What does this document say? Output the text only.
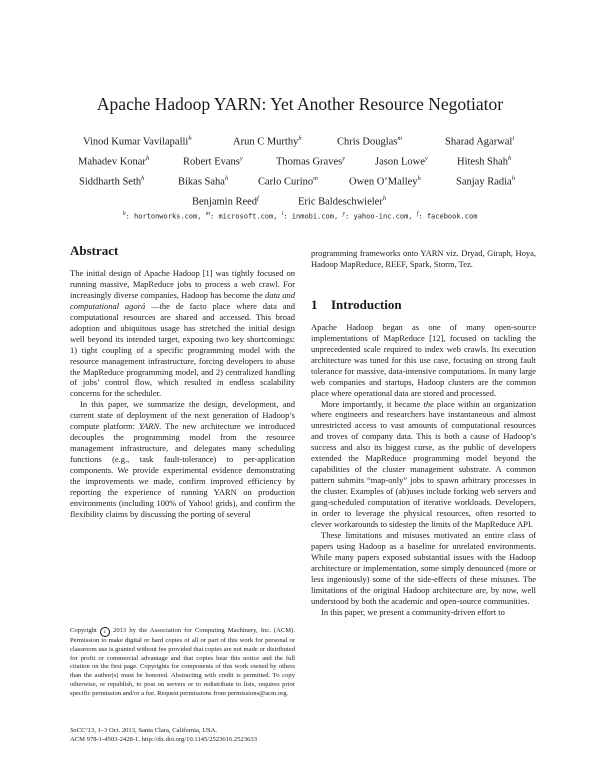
Apache Hadoop YARN: Yet Another Resource Negotiator
Vinod Kumar Vavilapalli$^h$	Arun C Murthy$^h$	Chris Douglas$^m$	Sharad Agarwal$^i$
Mahadev Konar$^h$	Robert Evans$^y$	Thomas Graves$^y$	Jason Lowe$^y$	Hitesh Shah$^h$
Siddharth Seth$^h$	Bikas Saha$^h$	Carlo Curino$^m$	Owen O’Malley$^h$	Sanjay Radia$^h$
Benjamin Reed$^f$	Eric Baldeschwieler$^h$
$^h$: hortonworks.com, $^m$: microsoft.com, $^i$: inmobi.com, $^y$: yahoo-inc.com, $^f$: facebook.com
Abstract

The initial design of Apache Hadoop [1] was tightly focused on running massive, MapReduce jobs to process a web crawl. For increasingly diverse companies, Hadoop has become the data and computational agorá —the de facto place where data and computational resources are shared and accessed. This broad adoption and ubiquitous usage has stretched the initial design well beyond its intended target, exposing two key shortcomings: 1) tight coupling of a specific programming model with the resource management infrastructure, forcing developers to abuse the MapReduce programming model, and 2) centralized handling of jobs’ control flow, which resulted in endless scalability concerns for the scheduler.

In this paper, we summarize the design, development, and current state of deployment of the next generation of Hadoop’s compute platform: YARN. The new architecture we introduced decouples the programming model from the resource management infrastructure, and delegates many scheduling functions (e.g., task fault-tolerance) to per-application components. We provide experimental evidence demonstrating the improvements we made, confirm improved efficiency by reporting the experience of running YARN on production environments (including 100% of Yahoo! grids), and confirm the flexibility claims by discussing the porting of several

Copyright c 2013 by the Association for Computing Machinery, Inc. (ACM). Permission to make digital or hard copies of all or part of this work for personal or classroom use is granted without fee provided that copies are not made or distributed for profit or commercial advantage and that copies bear this notice and the full citation on the first page. Copyrights for components of this work owned by others than the author(s) must be honored. Abstracting with credit is permitted. To copy otherwise, or republish, to post on servers or to redistribute to lists, requires prior specific permission and/or a fee. Request permissions from permissions@acm.org.

SoCC’13, 1–3 Oct. 2013, Santa Clara, California, USA.

ACM 978-1-4503-2428-1. http://dx.doi.org/10.1145/2523616.2523633

programming frameworks onto YARN viz. Dryad, Giraph, Hoya, Hadoop MapReduce, REEF, Spark, Storm, Tez.

1 Introduction

Apache Hadoop began as one of many open-source implementations of MapReduce [12], focused on tackling the unprecedented scale required to index web crawls. Its execution architecture was tuned for this use case, focusing on strong fault tolerance for massive, data-intensive computations. In many large web companies and startups, Hadoop clusters are the common place where operational data are stored and processed.

More importantly, it became the place within an organization where engineers and researchers have instantaneous and almost unrestricted access to vast amounts of computational resources and troves of company data. This is both a cause of Hadoop’s success and also its biggest curse, as the public of developers extended the MapReduce programming model beyond the capabilities of the cluster management substrate. A common pattern submits “map-only” jobs to spawn arbitrary processes in the cluster. Examples of (ab)uses include forking web servers and gang-scheduled computation of iterative workloads. Developers, in order to leverage the physical resources, often resorted to clever workarounds to sidestep the limits of the MapReduce API.

These limitations and misuses motivated an entire class of papers using Hadoop as a baseline for unrelated environments. While many papers exposed substantial issues with the Hadoop architecture or implementation, some simply denounced (more or less ingeniously) some of the side-effects of these misuses. The limitations of the original Hadoop architecture are, by now, well understood by both the academic and open-source communities.

In this paper, we present a community-driven effort to
